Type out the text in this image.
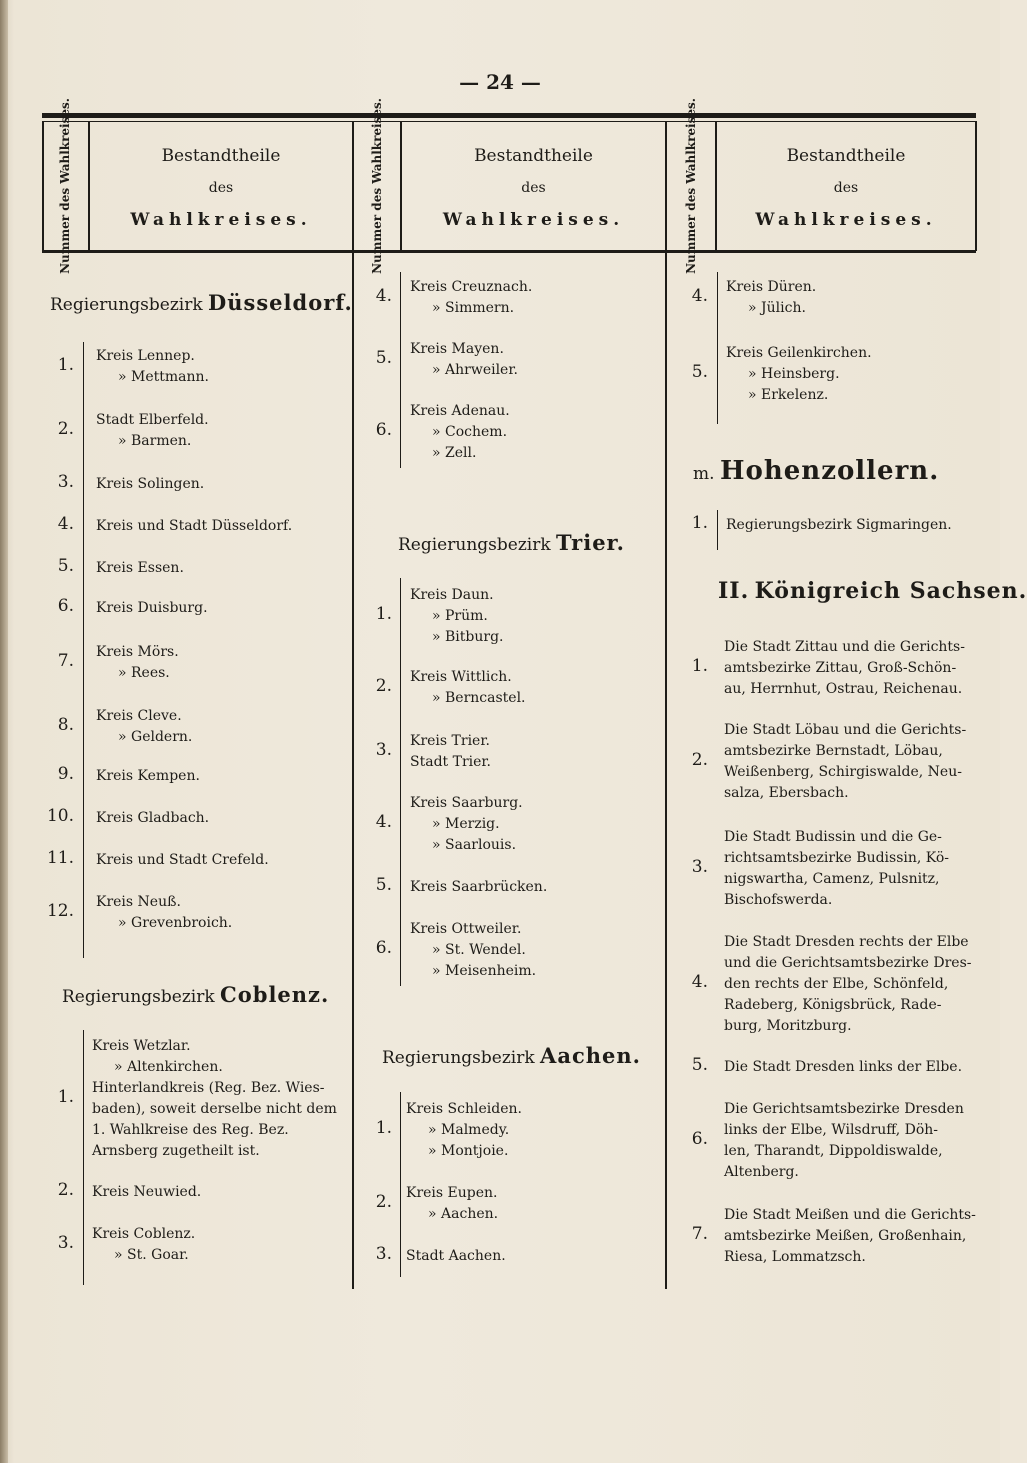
— 24 —
Nummer des Wahlkreises.	Bestandtheile
des
Wahlkreises.	Nummer des Wahlkreises.	Bestandtheile
des
Wahlkreises.	Nummer des Wahlkreises.	Bestandtheile
des
Wahlkreises.
Regierungsbezirk Düsseldorf.
1. Kreis Lennep.
» Mettmann.
2. Stadt Elberfeld.
» Barmen.
3. Kreis Solingen.
4. Kreis und Stadt Düsseldorf.
5. Kreis Essen.
6. Kreis Duisburg.
7. Kreis Mörs.
» Rees.
8. Kreis Cleve.
» Geldern.
9. Kreis Kempen.
10. Kreis Gladbach.
11. Kreis und Stadt Crefeld.
12. Kreis Neuß.
» Grevenbroich.
Regierungsbezirk Coblenz.
1.
Kreis Wetzlar.
» Altenkirchen.
Hinterlandkreis (Reg. Bez. Wies-
baden), soweit derselbe nicht dem
1. Wahlkreise des Reg. Bez.
Arnsberg zugetheilt ist.
2. Kreis Neuwied.
3. Kreis Coblenz.
» St. Goar.
4. Kreis Creuznach.
» Simmern.
5. Kreis Mayen.
» Ahrweiler.
6.
Kreis Adenau.
» Cochem.
» Zell.
Regierungsbezirk Trier.
1.
Kreis Daun.
» Prüm.
» Bitburg.
2. Kreis Wittlich.
» Berncastel.
3. Kreis Trier.
Stadt Trier.
4.
Kreis Saarburg.
» Merzig.
» Saarlouis.
5. Kreis Saarbrücken.
6.
Kreis Ottweiler.
» St. Wendel.
» Meisenheim.
Regierungsbezirk Aachen.
1.
Kreis Schleiden.
» Malmedy.
» Montjoie.
2. Kreis Eupen.
» Aachen.
3. Stadt Aachen.
4. Kreis Düren.
» Jülich.
5.
Kreis Geilenkirchen.
» Heinsberg.
» Erkelenz.
m. Hohenzollern.
1. Regierungsbezirk Sigmaringen.
II. Königreich Sachsen.
1.
Die Stadt Zittau und die Gerichts-
amtsbezirke Zittau, Groß-Schön-
au, Herrnhut, Ostrau, Reichenau.
2.
Die Stadt Löbau und die Gerichts-
amtsbezirke Bernstadt, Löbau,
Weißenberg, Schirgiswalde, Neu-
salza, Ebersbach.
3.
Die Stadt Budissin und die Ge-
richtsamtsbezirke Budissin, Kö-
nigswartha, Camenz, Pulsnitz,
Bischofswerda.
4.
Die Stadt Dresden rechts der Elbe
und die Gerichtsamtsbezirke Dres-
den rechts der Elbe, Schönfeld,
Radeberg, Königsbrück, Rade-
burg, Moritzburg.
5. Die Stadt Dresden links der Elbe.
6.
Die Gerichtsamtsbezirke Dresden
links der Elbe, Wilsdruff, Döh-
len, Tharandt, Dippoldiswalde,
Altenberg.
7.
Die Stadt Meißen und die Gerichts-
amtsbezirke Meißen, Großenhain,
Riesa, Lommatzsch.
